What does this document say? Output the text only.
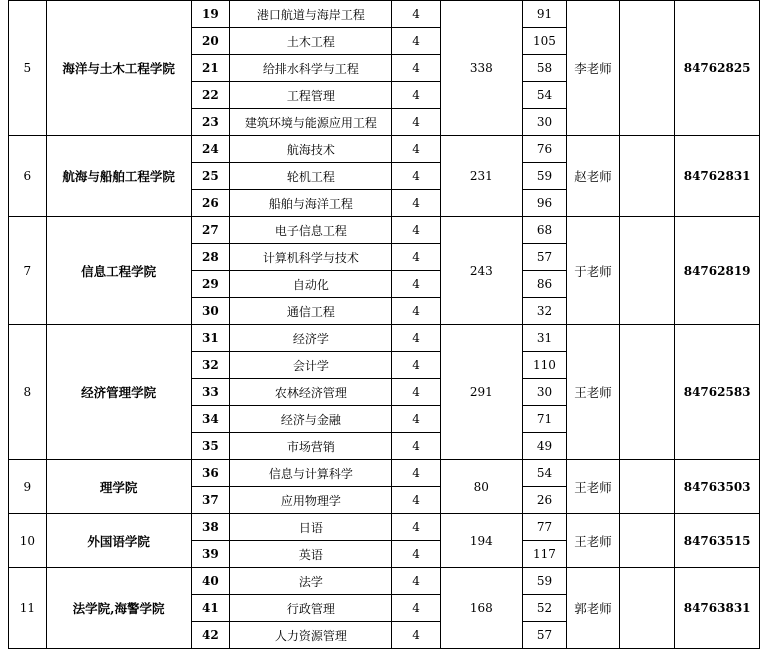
5	海洋与土木工程学院	19	港口航道与海岸工程	4	338	91	李老师		84762825
		20	土木工程	4		105			
		21	给排水科学与工程	4		58			
		22	工程管理	4		54			
		23	建筑环境与能源应用工程	4		30			
6	航海与船舶工程学院	24	航海技术	4	231	76	赵老师		84762831
		25	轮机工程	4		59			
		26	船舶与海洋工程	4		96			
7	信息工程学院	27	电子信息工程	4	243	68	于老师		84762819
		28	计算机科学与技术	4		57			
		29	自动化	4		86			
		30	通信工程	4		32			
8	经济管理学院	31	经济学	4	291	31	王老师		84762583
		32	会计学	4		110			
		33	农林经济管理	4		30			
		34	经济与金融	4		71			
		35	市场营销	4		49			
9	理学院	36	信息与计算科学	4	80	54	王老师		84763503
		37	应用物理学	4		26			
10	外国语学院	38	日语	4	194	77	王老师		84763515
		39	英语	4		117			
11	法学院,海警学院	40	法学	4	168	59	郭老师		84763831
		41	行政管理	4		52			
		42	人力资源管理	4		57			
